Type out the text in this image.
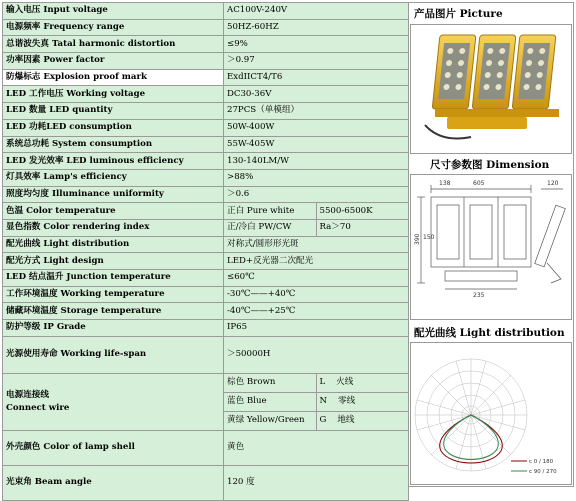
输入电压 Input voltage	AC100V-240V	
电源频率 Frequency range	50HZ-60HZ	
总谐波失真 Tatal harmonic distortion	≤9%	
功率因素 Power factor	＞0.97	
防爆标志 Explosion proof mark	ExdIICT4/T6	
LED 工作电压 Working voltage	DC30-36V	
LED 数量 LED quantity	27PCS（单模组）	
LED 功耗LED consumption	50W-400W	
系统总功耗 System consumption	55W-405W	
LED 发光效率 LED luminous efficiency	130-140LM/W	
灯具效率 Lamp's efficiency	>88%	
照度均匀度 Illuminance uniformity	＞0.6	
色温 Color temperature	正白 Pure white	5500-6500K
显色指数 Color rendering index	正/冷白 PW/CW	Ra＞70
配光曲线 Light distribution	对称式/圆形形光斑	
配光方式 Light design	LED+反光器二次配光	
LED 结点温升 Junction temperature	≤60℃	
工作环境温度 Working temperature	-30℃——+40℃	
储藏环境温度 Storage temperature	-40℃——+25℃	
防护等级 IP Grade	IP65	
光源使用寿命 Working life-span	＞50000H	

电源连接线
Connect wire	棕色 Brown	L 火线
	蓝色 Blue	N 零线
	黄绿 Yellow/Green	G 地线
外壳颜色 Color of lamp shell	黄色	
光束角 Beam angle	120 度	
产品图片 Picture
尺寸参数图 Dimension
138	605	120
390 150
235
配光曲线 Light distribution
c 0 / 180
c 90 / 270
